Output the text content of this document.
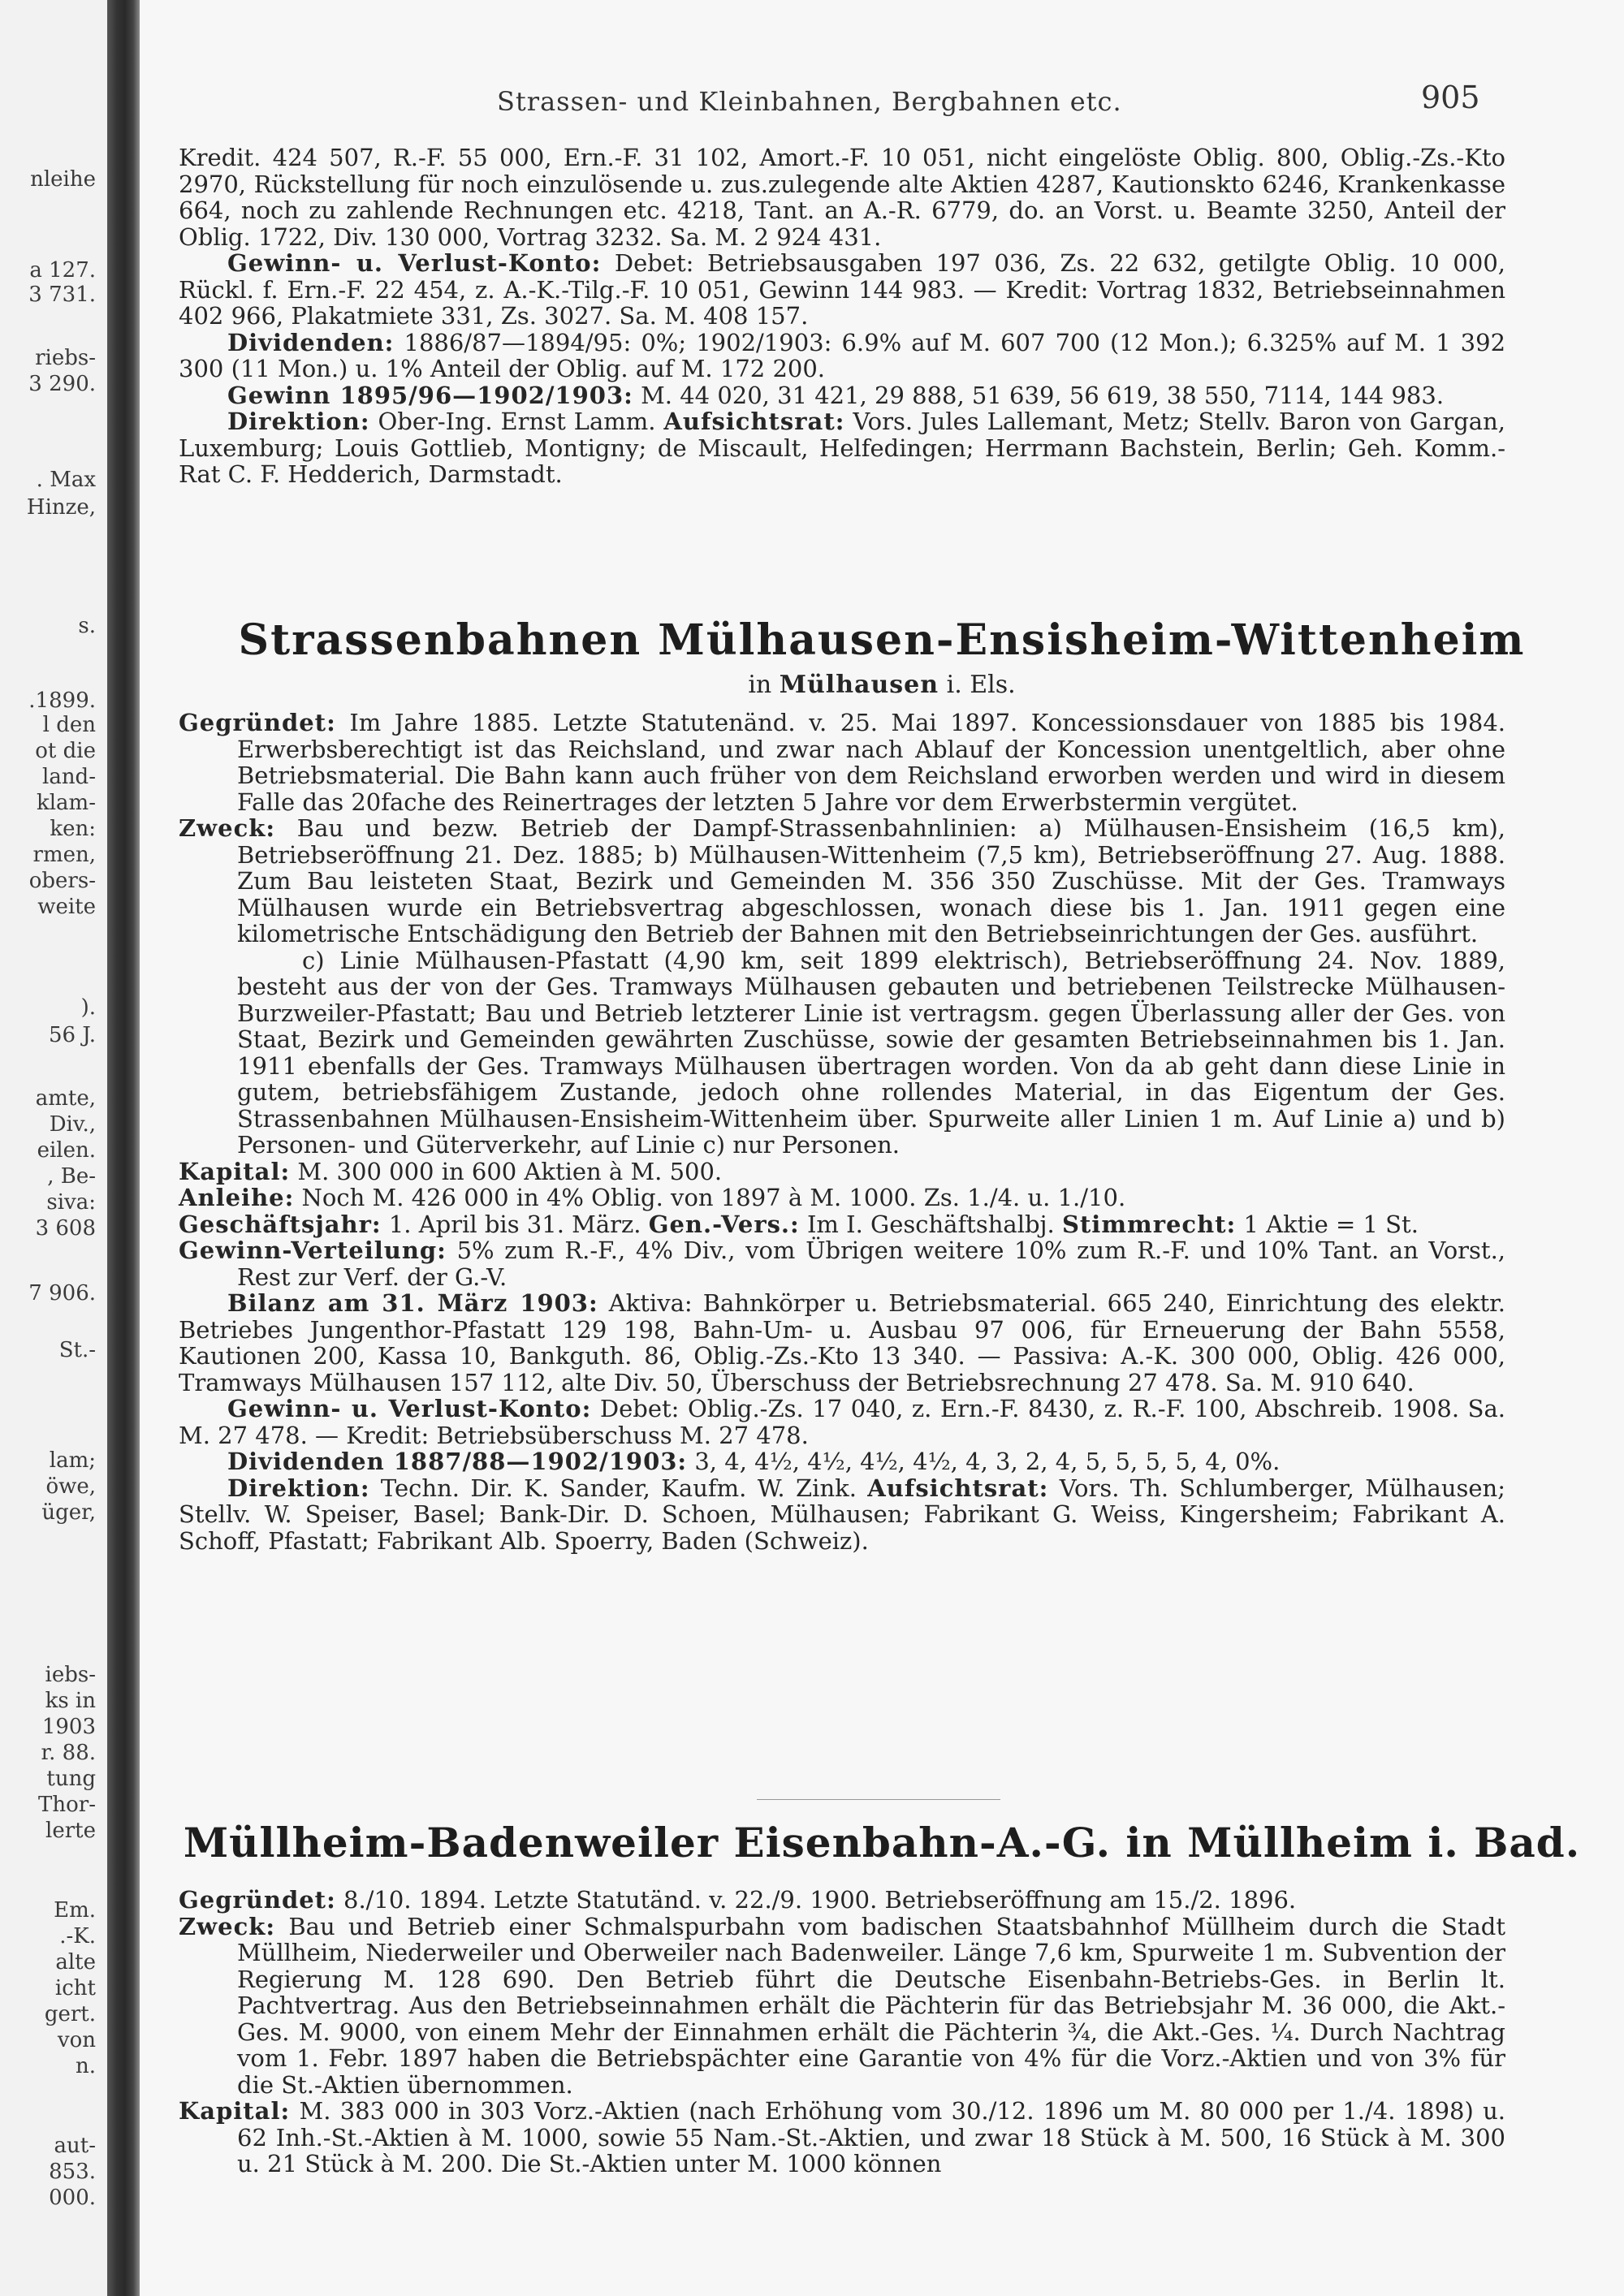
nleihe
a 127.
3 731.
riebs-
3 290.
. Max
Hinze,
s.
.1899.
l den
ot die
land-
klam-
ken:
rmen,
obers-
weite
).
56 J.
amte,
Div.,
eilen.
, Be-
siva:
3 608
7 906.
St.-
lam;
öwe,
üger,
iebs-
ks in
1903
r. 88.
tung
Thor-
lerte
Em.
.-K.
alte
icht
gert.
von
n.
aut-
853.
000.
Strassen- und Kleinbahnen, Bergbahnen etc.	905

Kredit. 424 507, R.-F. 55 000, Ern.-F. 31 102, Amort.-F. 10 051, nicht eingelöste Oblig. 800, Oblig.-Zs.-Kto 2970, Rückstellung für noch einzulösende u. zus.zulegende alte Aktien 4287, Kautionskto 6246, Krankenkasse 664, noch zu zahlende Rechnungen etc. 4218, Tant. an A.-R. 6779, do. an Vorst. u. Beamte 3250, Anteil der Oblig. 1722, Div. 130 000, Vortrag 3232. Sa. M. 2 924 431.

Gewinn- u. Verlust-Konto: Debet: Betriebsausgaben 197 036, Zs. 22 632, getilgte Oblig. 10 000, Rückl. f. Ern.-F. 22 454, z. A.-K.-Tilg.-F. 10 051, Gewinn 144 983. — Kredit: Vortrag 1832, Betriebseinnahmen 402 966, Plakatmiete 331, Zs. 3027. Sa. M. 408 157.

Dividenden: 1886/87—1894/95: 0%; 1902/1903: 6.9% auf M. 607 700 (12 Mon.); 6.325% auf M. 1 392 300 (11 Mon.) u. 1% Anteil der Oblig. auf M. 172 200.

Gewinn 1895/96—1902/1903: M. 44 020, 31 421, 29 888, 51 639, 56 619, 38 550, 7114, 144 983.

Direktion: Ober-Ing. Ernst Lamm. Aufsichtsrat: Vors. Jules Lallemant, Metz; Stellv. Baron von Gargan, Luxemburg; Louis Gottlieb, Montigny; de Miscault, Helfedingen; Herrmann Bachstein, Berlin; Geh. Komm.-Rat C. F. Hedderich, Darmstadt.

Strassenbahnen Mülhausen-Ensisheim-Wittenheim
in Mülhausen i. Els.

Gegründet: Im Jahre 1885. Letzte Statutenänd. v. 25. Mai 1897. Koncessionsdauer von 1885 bis 1984. Erwerbsberechtigt ist das Reichsland, und zwar nach Ablauf der Koncession unentgeltlich, aber ohne Betriebsmaterial. Die Bahn kann auch früher von dem Reichsland erworben werden und wird in diesem Falle das 20fache des Reinertrages der letzten 5 Jahre vor dem Erwerbstermin vergütet.

Zweck: Bau und bezw. Betrieb der Dampf-Strassenbahnlinien: a) Mülhausen-Ensisheim (16,5 km), Betriebseröffnung 21. Dez. 1885; b) Mülhausen-Wittenheim (7,5 km), Betriebseröffnung 27. Aug. 1888. Zum Bau leisteten Staat, Bezirk und Gemeinden M. 356 350 Zuschüsse. Mit der Ges. Tramways Mülhausen wurde ein Betriebsvertrag abgeschlossen, wonach diese bis 1. Jan. 1911 gegen eine kilometrische Entschädigung den Betrieb der Bahnen mit den Betriebseinrichtungen der Ges. ausführt.

c) Linie Mülhausen-Pfastatt (4,90 km, seit 1899 elektrisch), Betriebseröffnung 24. Nov. 1889, besteht aus der von der Ges. Tramways Mülhausen gebauten und betriebenen Teilstrecke Mülhausen-Burzweiler-Pfastatt; Bau und Betrieb letzterer Linie ist vertragsm. gegen Überlassung aller der Ges. von Staat, Bezirk und Gemeinden gewährten Zuschüsse, sowie der gesamten Betriebseinnahmen bis 1. Jan. 1911 ebenfalls der Ges. Tramways Mülhausen übertragen worden. Von da ab geht dann diese Linie in gutem, betriebsfähigem Zustande, jedoch ohne rollendes Material, in das Eigentum der Ges. Strassenbahnen Mülhausen-Ensisheim-Wittenheim über. Spurweite aller Linien 1 m. Auf Linie a) und b) Personen- und Güterverkehr, auf Linie c) nur Personen.

Kapital: M. 300 000 in 600 Aktien à M. 500.

Anleihe: Noch M. 426 000 in 4% Oblig. von 1897 à M. 1000. Zs. 1./4. u. 1./10.

Geschäftsjahr: 1. April bis 31. März. Gen.-Vers.: Im I. Geschäftshalbj. Stimmrecht: 1 Aktie = 1 St.

Gewinn-Verteilung: 5% zum R.-F., 4% Div., vom Übrigen weitere 10% zum R.-F. und 10% Tant. an Vorst., Rest zur Verf. der G.-V.

Bilanz am 31. März 1903: Aktiva: Bahnkörper u. Betriebsmaterial. 665 240, Einrichtung des elektr. Betriebes Jungenthor-Pfastatt 129 198, Bahn-Um- u. Ausbau 97 006, für Erneuerung der Bahn 5558, Kautionen 200, Kassa 10, Bankguth. 86, Oblig.-Zs.-Kto 13 340. — Passiva: A.-K. 300 000, Oblig. 426 000, Tramways Mülhausen 157 112, alte Div. 50, Überschuss der Betriebsrechnung 27 478. Sa. M. 910 640.

Gewinn- u. Verlust-Konto: Debet: Oblig.-Zs. 17 040, z. Ern.-F. 8430, z. R.-F. 100, Abschreib. 1908. Sa. M. 27 478. — Kredit: Betriebsüberschuss M. 27 478.

Dividenden 1887/88—1902/1903: 3, 4, 4½, 4½, 4½, 4½, 4, 3, 2, 4, 5, 5, 5, 5, 4, 0%.

Direktion: Techn. Dir. K. Sander, Kaufm. W. Zink. Aufsichtsrat: Vors. Th. Schlumberger, Mülhausen; Stellv. W. Speiser, Basel; Bank-Dir. D. Schoen, Mülhausen; Fabrikant G. Weiss, Kingersheim; Fabrikant A. Schoff, Pfastatt; Fabrikant Alb. Spoerry, Baden (Schweiz).

Müllheim-Badenweiler Eisenbahn-A.-G. in Müllheim i. Bad.

Gegründet: 8./10. 1894. Letzte Statutänd. v. 22./9. 1900. Betriebseröffnung am 15./2. 1896.

Zweck: Bau und Betrieb einer Schmalspurbahn vom badischen Staatsbahnhof Müllheim durch die Stadt Müllheim, Niederweiler und Oberweiler nach Badenweiler. Länge 7,6 km, Spurweite 1 m. Subvention der Regierung M. 128 690. Den Betrieb führt die Deutsche Eisenbahn-Betriebs-Ges. in Berlin lt. Pachtvertrag. Aus den Betriebseinnahmen erhält die Pächterin für das Betriebsjahr M. 36 000, die Akt.-Ges. M. 9000, von einem Mehr der Einnahmen erhält die Pächterin ¾, die Akt.-Ges. ¼. Durch Nachtrag vom 1. Febr. 1897 haben die Betriebspächter eine Garantie von 4% für die Vorz.-Aktien und von 3% für die St.-Aktien übernommen.

Kapital: M. 383 000 in 303 Vorz.-Aktien (nach Erhöhung vom 30./12. 1896 um M. 80 000 per 1./4. 1898) u. 62 Inh.-St.-Aktien à M. 1000, sowie 55 Nam.-St.-Aktien, und zwar 18 Stück à M. 500, 16 Stück à M. 300 u. 21 Stück à M. 200. Die St.-Aktien unter M. 1000 können
